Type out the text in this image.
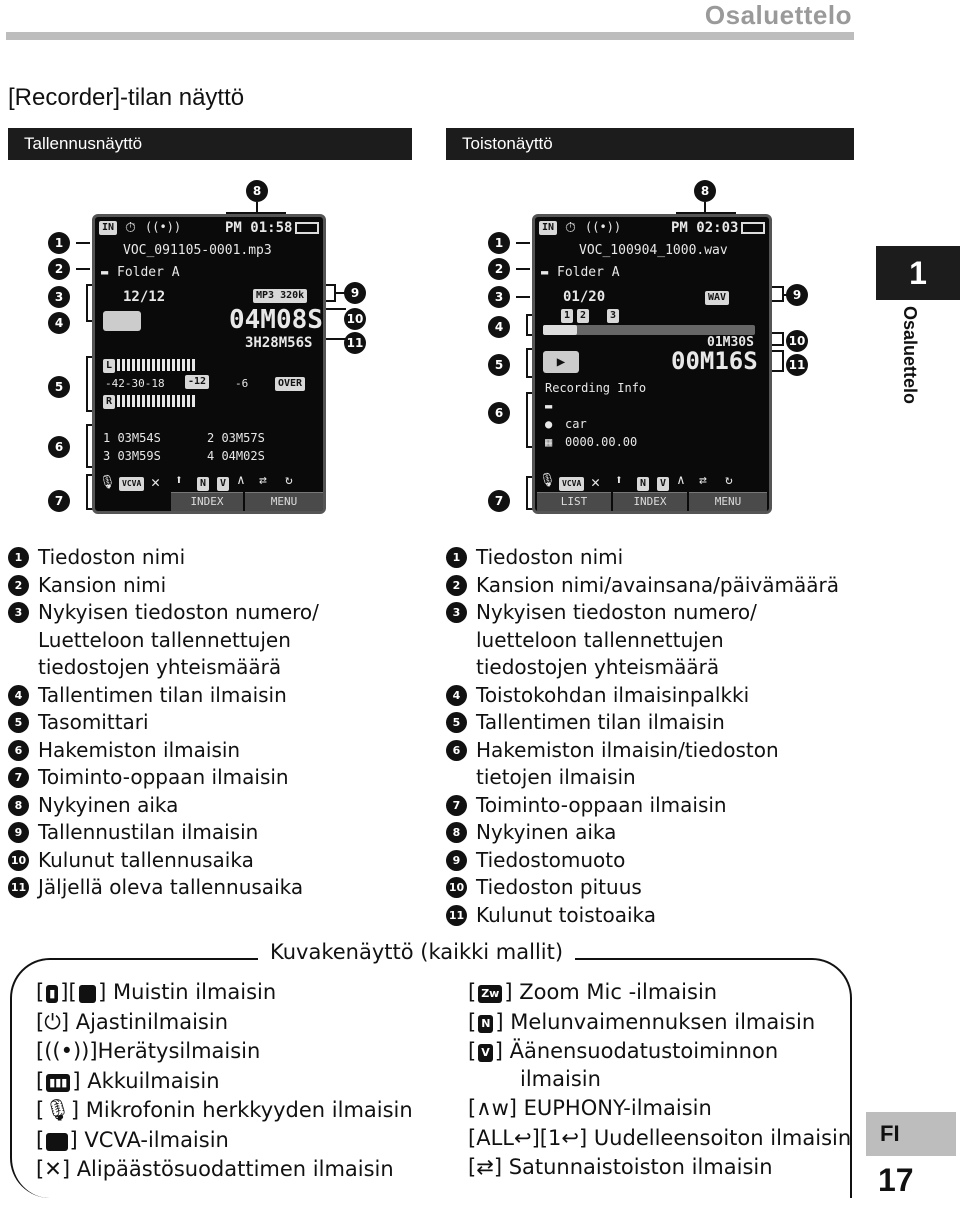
Osaluettelo
[Recorder]-tilan näyttö
Tallennusnäyttö	Toistonäyttö
8
1
2
3
4
5
6
7
IN ⏱ ((•))	PM 01:58
VOC_091105-0001.mp3
▬ Folder A
12/12	MP3 320k
04M08S
3H28M56S
L
-42-30-18	-12	-6	OVER
R
1 03M54S	2 03M57S
3 03M59S	4 04M02S
🎙 VCVA ✕ ⬆	N	V ∧ ⇄ ↻
INDEX	MENU
9
10
11
8
1
2
3
4
5
6
7
IN ⏱ ((•))	PM 02:03
VOC_100904_1000.wav
▬ Folder A
01/20	WAV
1 2	3
01M30S
▶	00M16S
Recording Info
▬
● car
▦ 0000.00.00
🎙 VCVA ✕ ⬆	N	V ∧ ⇄ ↻
LIST	INDEX	MENU
9
10
11
1
Osaluettelo
1 Tiedoston nimi
2 Kansion nimi
3 Nykyisen tiedoston numero/
Luetteloon tallennettujen
tiedostojen yhteismäärä
4 Tallentimen tilan ilmaisin
5 Tasomittari
6 Hakemiston ilmaisin
7 Toiminto-oppaan ilmaisin
8 Nykyinen aika
9 Tallennustilan ilmaisin
10 Kulunut tallennusaika
11 Jäljellä oleva tallennusaika
1 Tiedoston nimi
2 Kansion nimi/avainsana/päivämäärä
3 Nykyisen tiedoston numero/
luetteloon tallennettujen
tiedostojen yhteismäärä
4 Toistokohdan ilmaisinpalkki
5 Tallentimen tilan ilmaisin
6 Hakemiston ilmaisin/tiedoston
tietojen ilmaisin
7 Toiminto-oppaan ilmaisin
8 Nykyinen aika
9 Tiedostomuoto
10 Tiedoston pituus
11 Kulunut toistoaika
Kuvakenäyttö (kaikki mallit)
[ ▮ ][ ] Muistin ilmaisin
[⏻] Ajastinilmaisin
[((•))]Herätysilmaisin
[ ▮▮▮ ] Akkuilmaisin
[🎙] Mikrofonin herkkyyden ilmaisin
[ ] VCVA-ilmaisin
[✕] Alipäästösuodattimen ilmaisin
[ Zw ] Zoom Mic -ilmaisin
[ N ] Melunvaimennuksen ilmaisin
[ V ] Äänensuodatustoiminnon
ilmaisin
[∧w] EUPHONY-ilmaisin
[ALL↩][1↩] Uudelleensoiton ilmaisin
[⇄] Satunnaistoiston ilmaisin
FI
17
